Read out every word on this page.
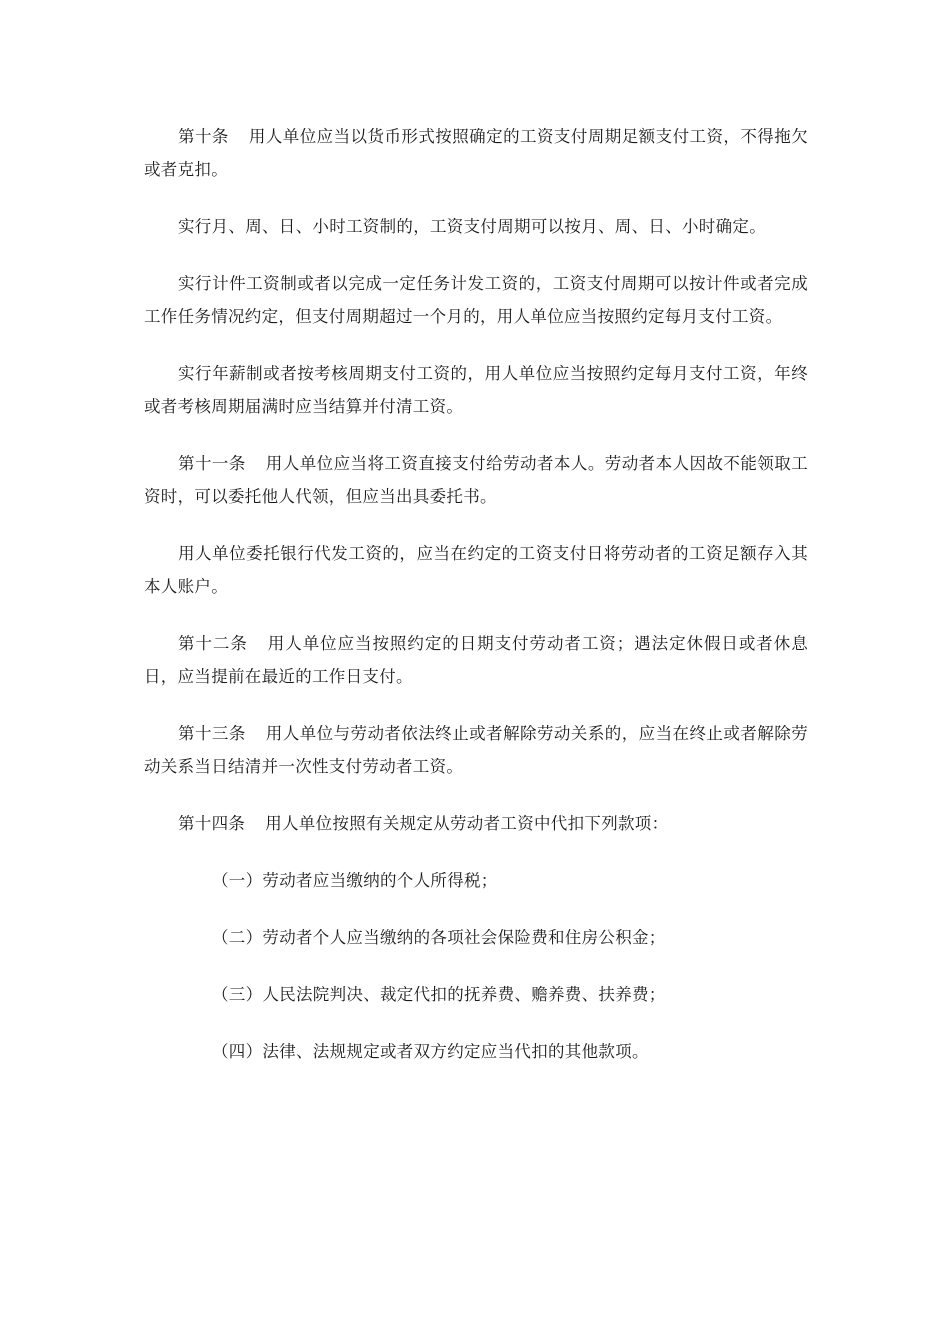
第十条 用人单位应当以货币形式按照确定的工资支付周期足额支付工资，不得拖欠或者克扣。

实行月、周、日、小时工资制的，工资支付周期可以按月、周、日、小时确定。

实行计件工资制或者以完成一定任务计发工资的，工资支付周期可以按计件或者完成工作任务情况约定，但支付周期超过一个月的，用人单位应当按照约定每月支付工资。

实行年薪制或者按考核周期支付工资的，用人单位应当按照约定每月支付工资，年终或者考核周期届满时应当结算并付清工资。

第十一条 用人单位应当将工资直接支付给劳动者本人。劳动者本人因故不能领取工资时，可以委托他人代领，但应当出具委托书。

用人单位委托银行代发工资的，应当在约定的工资支付日将劳动者的工资足额存入其本人账户。

第十二条 用人单位应当按照约定的日期支付劳动者工资；遇法定休假日或者休息日，应当提前在最近的工作日支付。

第十三条 用人单位与劳动者依法终止或者解除劳动关系的，应当在终止或者解除劳动关系当日结清并一次性支付劳动者工资。

第十四条 用人单位按照有关规定从劳动者工资中代扣下列款项：

（一）劳动者应当缴纳的个人所得税；

（二）劳动者个人应当缴纳的各项社会保险费和住房公积金；

（三）人民法院判决、裁定代扣的抚养费、赡养费、扶养费；

（四）法律、法规规定或者双方约定应当代扣的其他款项。
